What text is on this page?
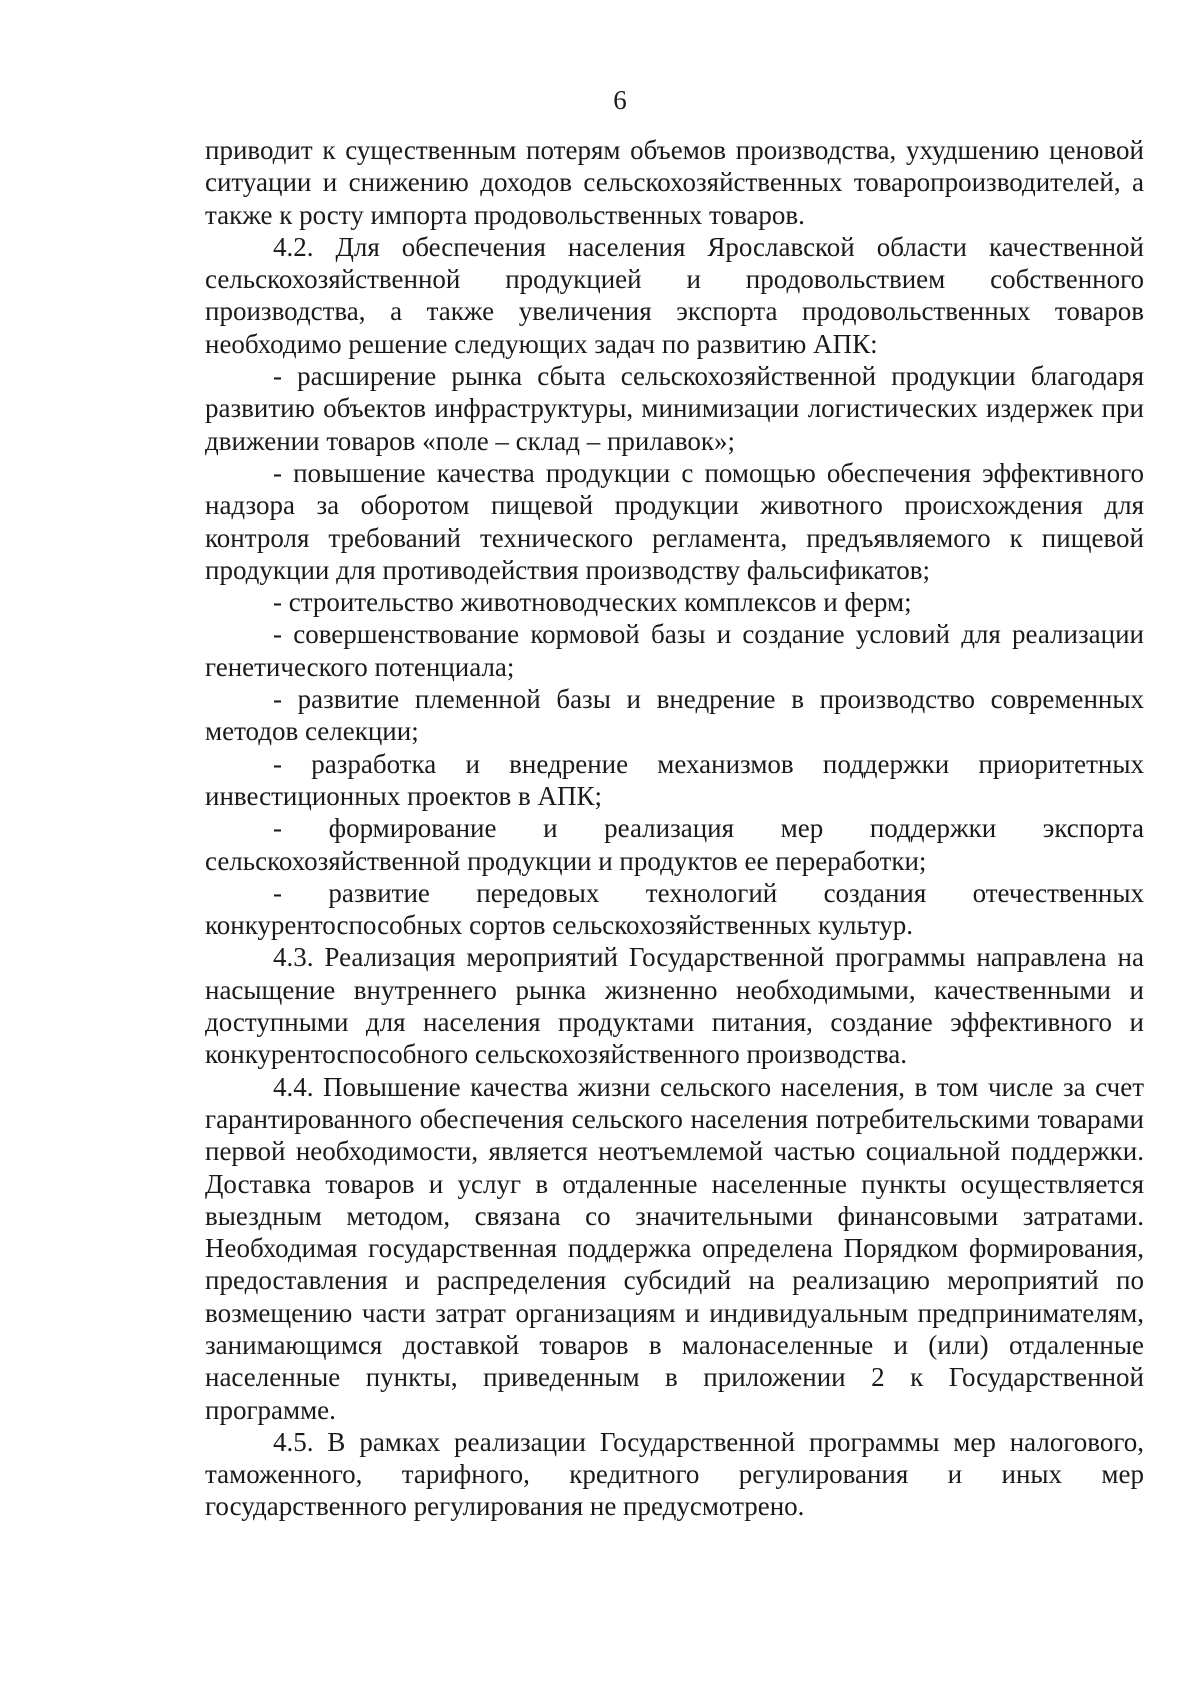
6

приводит к существенным потерям объемов производства, ухудшению ценовой ситуации и снижению доходов сельскохозяйственных товаропроизводителей, а также к росту импорта продовольственных товаров.

4.2. Для обеспечения населения Ярославской области качественной сельскохозяйственной продукцией и продовольствием собственного производства, а также увеличения экспорта продовольственных товаров необходимо решение следующих задач по развитию АПК:

- расширение рынка сбыта сельскохозяйственной продукции благодаря развитию объектов инфраструктуры, минимизации логистических издержек при движении товаров «поле – склад – прилавок»;

- повышение качества продукции с помощью обеспечения эффективного надзора за оборотом пищевой продукции животного происхождения для контроля требований технического регламента, предъявляемого к пищевой продукции для противодействия производству фальсификатов;

- строительство животноводческих комплексов и ферм;

- совершенствование кормовой базы и создание условий для реализации генетического потенциала;

- развитие племенной базы и внедрение в производство современных методов селекции;

- разработка и внедрение механизмов поддержки приоритетных инвестиционных проектов в АПК;

- формирование и реализация мер поддержки экспорта сельскохозяйственной продукции и продуктов ее переработки;

- развитие передовых технологий создания отечественных конкурентоспособных сортов сельскохозяйственных культур.

4.3. Реализация мероприятий Государственной программы направлена на насыщение внутреннего рынка жизненно необходимыми, качественными и доступными для населения продуктами питания, создание эффективного и конкурентоспособного сельскохозяйственного производства.

4.4. Повышение качества жизни сельского населения, в том числе за счет гарантированного обеспечения сельского населения потребительскими товарами первой необходимости, является неотъемлемой частью социальной поддержки. Доставка товаров и услуг в отдаленные населенные пункты осуществляется выездным методом, связана со значительными финансовыми затратами. Необходимая государственная поддержка определена Порядком формирования, предоставления и распределения субсидий на реализацию мероприятий по возмещению части затрат организациям и индивидуальным предпринимателям, занимающимся доставкой товаров в малонаселенные и (или) отдаленные населенные пункты, приведенным в приложении 2 к Государственной программе.

4.5. В рамках реализации Государственной программы мер налогового, таможенного, тарифного, кредитного регулирования и иных мер государственного регулирования не предусмотрено.
